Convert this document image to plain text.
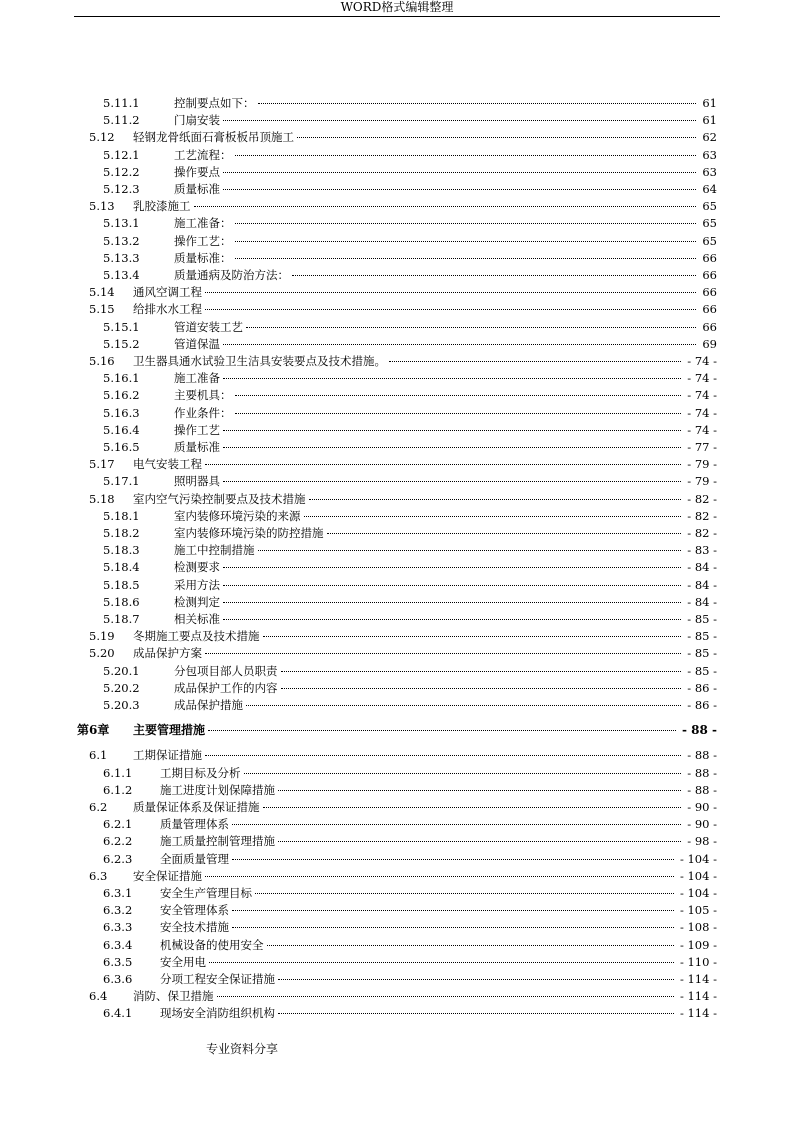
WORD格式编辑整理
5.11.1	控制要点如下：	61
5.11.2	门扇安装	61
5.12 轻钢龙骨纸面石膏板板吊顶施工	62
5.12.1	工艺流程：	63
5.12.2	操作要点	63
5.12.3	质量标准	64
5.13 乳胶漆施工	65
5.13.1	施工准备：	65
5.13.2	操作工艺：	65
5.13.3	质量标准：	66
5.13.4	质量通病及防治方法：	66
5.14 通风空调工程	66
5.15 给排水水工程	66
5.15.1	管道安装工艺	66
5.15.2	管道保温	69
5.16 卫生器具通水试验卫生洁具安装要点及技术措施。	- 74 -
5.16.1	施工准备	- 74 -
5.16.2	主要机具：	- 74 -
5.16.3	作业条件：	- 74 -
5.16.4	操作工艺	- 74 -
5.16.5	质量标准	- 77 -
5.17 电气安装工程	- 79 -
5.17.1	照明器具	- 79 -
5.18 室内空气污染控制要点及技术措施	- 82 -
5.18.1	室内装修环境污染的来源	- 82 -
5.18.2	室内装修环境污染的防控措施	- 82 -
5.18.3	施工中控制措施	- 83 -
5.18.4	检测要求	- 84 -
5.18.5	采用方法	- 84 -
5.18.6	检测判定	- 84 -
5.18.7	相关标准	- 85 -
5.19 冬期施工要点及技术措施	- 85 -
5.20 成品保护方案	- 85 -
5.20.1	分包项目部人员职责	- 85 -
5.20.2	成品保护工作的内容	- 86 -
5.20.3	成品保护措施	- 86 -
第6章 主要管理措施	- 88 -
6.1 工期保证措施	- 88 -
6.1.1 工期目标及分析	- 88 -
6.1.2 施工进度计划保障措施	- 88 -
6.2 质量保证体系及保证措施	- 90 -
6.2.1 质量管理体系	- 90 -
6.2.2 施工质量控制管理措施	- 98 -
6.2.3 全面质量管理	- 104 -
6.3 安全保证措施	- 104 -
6.3.1 安全生产管理目标	- 104 -
6.3.2 安全管理体系	- 105 -
6.3.3 安全技术措施	- 108 -
6.3.4 机械设备的使用安全	- 109 -
6.3.5 安全用电	- 110 -
6.3.6 分项工程安全保证措施	- 114 -
6.4 消防、保卫措施	- 114 -
6.4.1 现场安全消防组织机构	- 114 -
专业资料分享
